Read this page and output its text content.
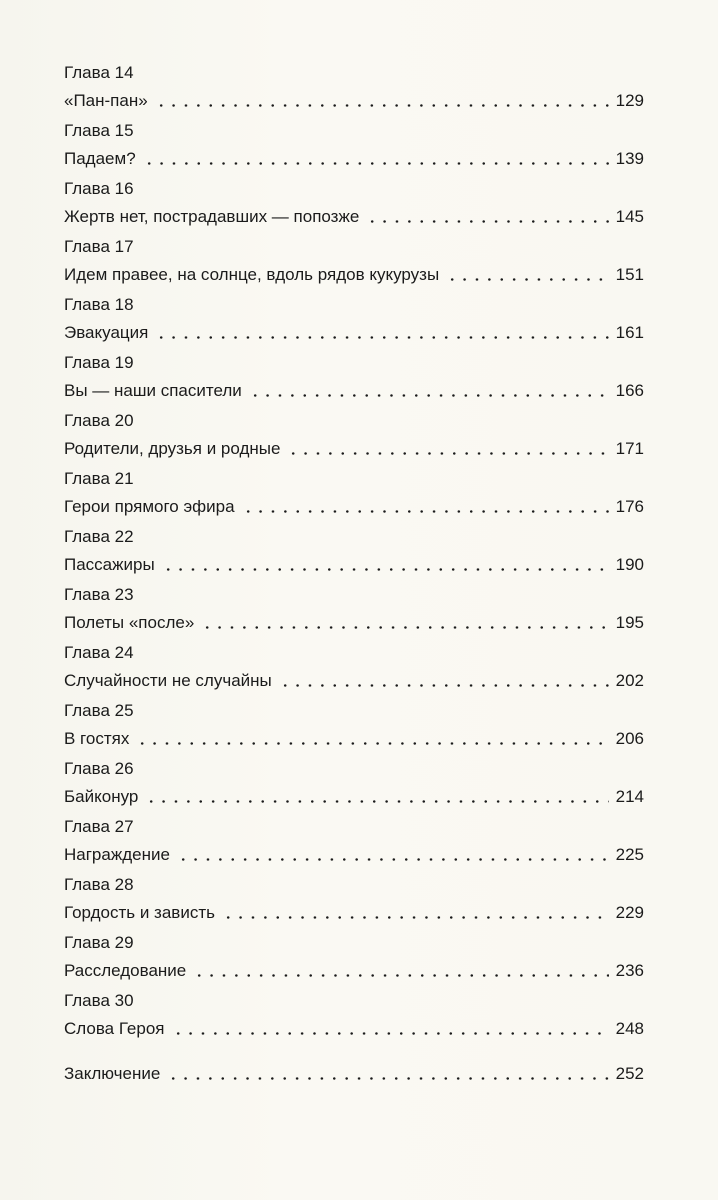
Глава 14
«Пан-пан»	129
Глава 15
Падаем?	139
Глава 16
Жертв нет, пострадавших — попозже	145
Глава 17
Идем правее, на солнце, вдоль рядов кукурузы	151
Глава 18
Эвакуация	161
Глава 19
Вы — наши спасители	166
Глава 20
Родители, друзья и родные	171
Глава 21
Герои прямого эфира	176
Глава 22
Пассажиры	190
Глава 23
Полеты «после»	195
Глава 24
Случайности не случайны	202
Глава 25
В гостях	206
Глава 26
Байконур	214
Глава 27
Награждение	225
Глава 28
Гордость и зависть	229
Глава 29
Расследование	236
Глава 30
Слова Героя	248
Заключение	252
